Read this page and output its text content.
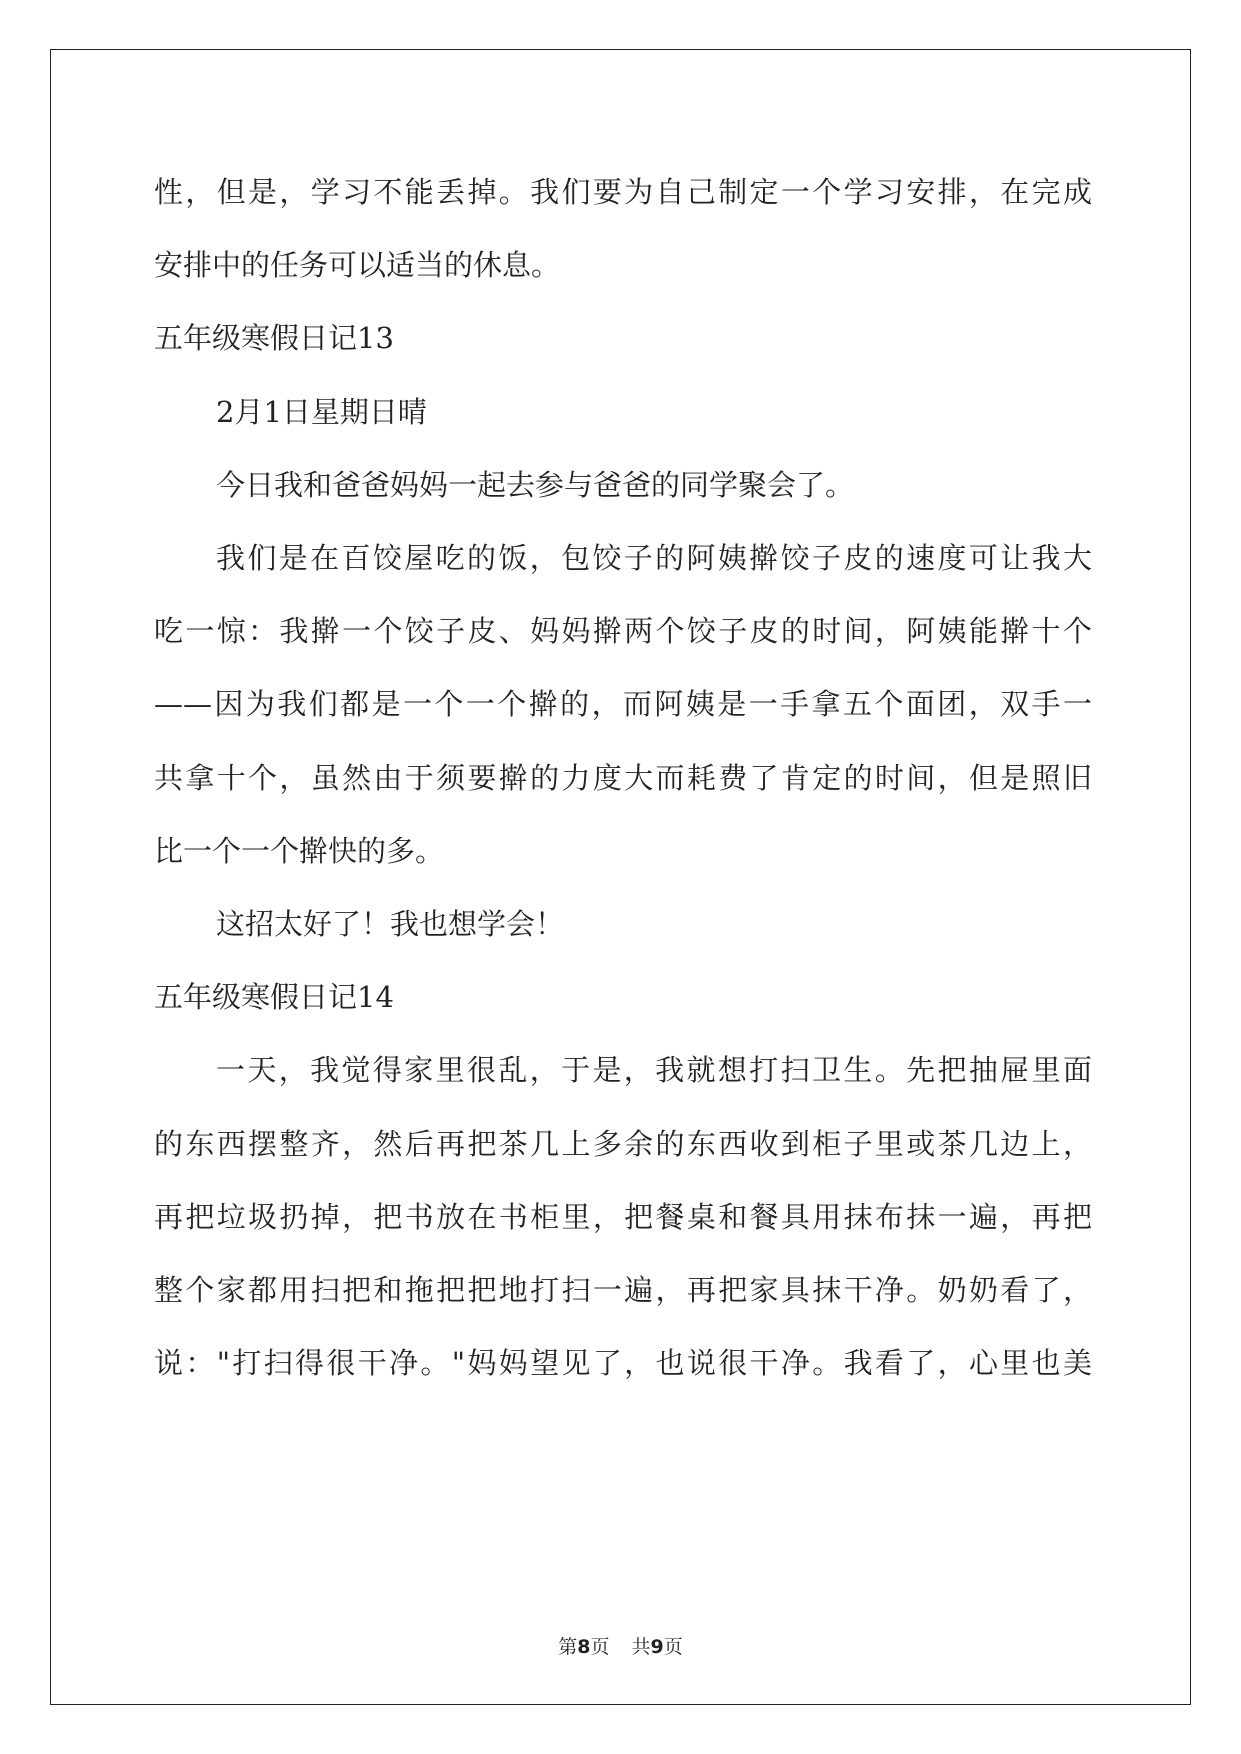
性，但是，学习不能丢掉。我们要为自己制定一个学习安排，在完成
安排中的任务可以适当的休息。
五年级寒假日记13
2月1日星期日晴
今日我和爸爸妈妈一起去参与爸爸的同学聚会了。
我们是在百饺屋吃的饭，包饺子的阿姨擀饺子皮的速度可让我大
吃一惊：我擀一个饺子皮、妈妈擀两个饺子皮的时间，阿姨能擀十个
——因为我们都是一个一个擀的，而阿姨是一手拿五个面团，双手一
共拿十个，虽然由于须要擀的力度大而耗费了肯定的时间，但是照旧
比一个一个擀快的多。
这招太好了！我也想学会！
五年级寒假日记14
一天，我觉得家里很乱，于是，我就想打扫卫生。先把抽屉里面
的东西摆整齐，然后再把茶几上多余的东西收到柜子里或茶几边上，
再把垃圾扔掉，把书放在书柜里，把餐桌和餐具用抹布抹一遍，再把
整个家都用扫把和拖把把地打扫一遍，再把家具抹干净。奶奶看了，
说："打扫得很干净。"妈妈望见了，也说很干净。我看了，心里也美
第8页 共9页
